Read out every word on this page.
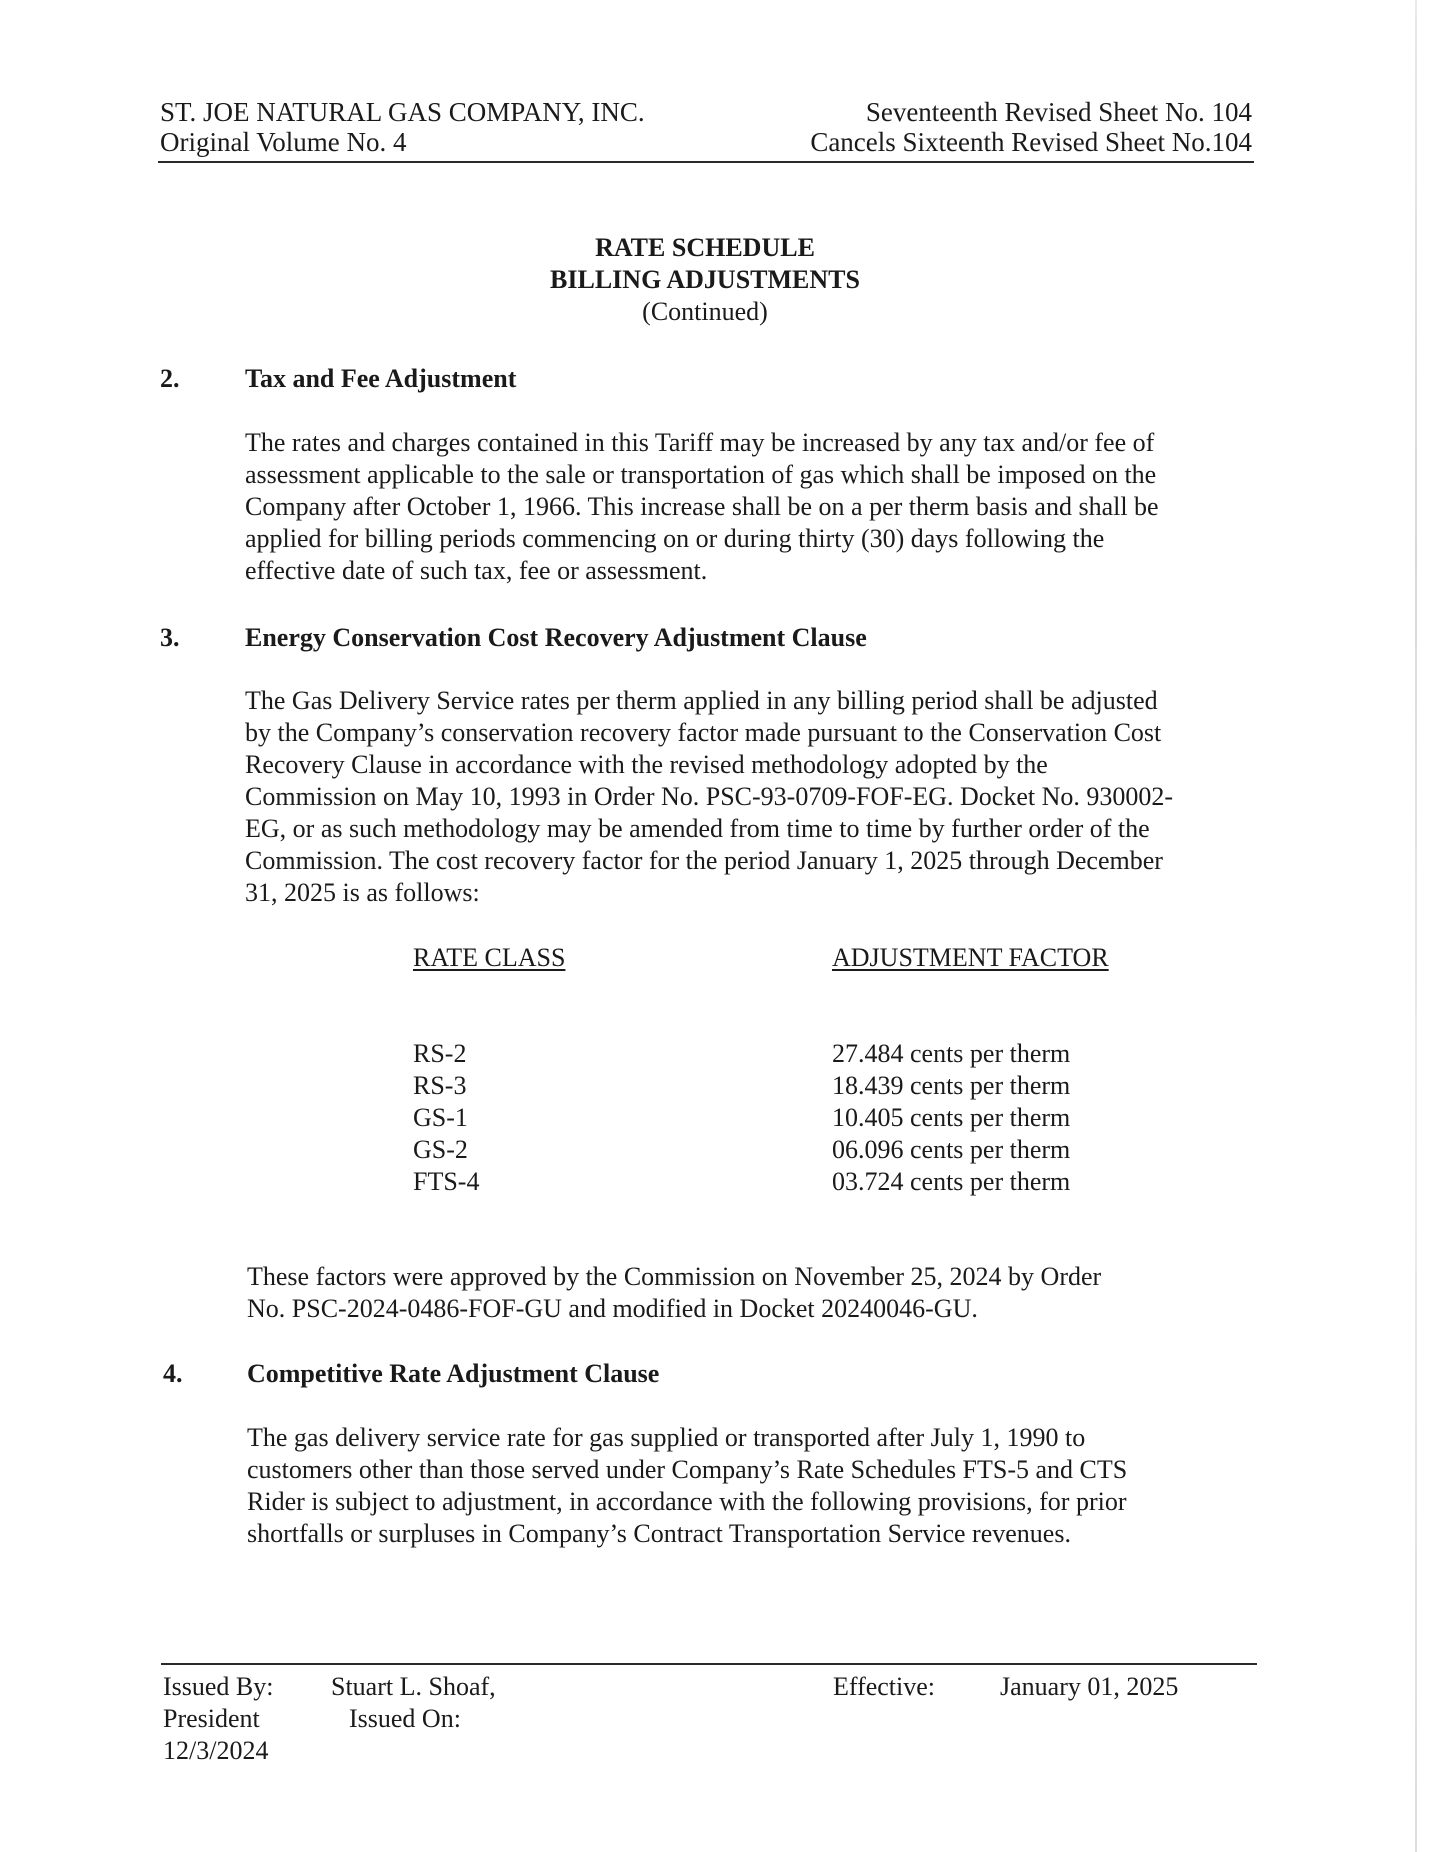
ST. JOE NATURAL GAS COMPANY, INC.
Original Volume No. 4
Seventeenth Revised Sheet No. 104
Cancels Sixteenth Revised Sheet No.104
RATE SCHEDULE
BILLING ADJUSTMENTS
(Continued)
2.	Tax and Fee Adjustment
The rates and charges contained in this Tariff may be increased by any tax and/or fee of
assessment applicable to the sale or transportation of gas which shall be imposed on the
Company after October 1, 1966. This increase shall be on a per therm basis and shall be
applied for billing periods commencing on or during thirty (30) days following the
effective date of such tax, fee or assessment.
3.	Energy Conservation Cost Recovery Adjustment Clause
The Gas Delivery Service rates per therm applied in any billing period shall be adjusted
by the Company’s conservation recovery factor made pursuant to the Conservation Cost
Recovery Clause in accordance with the revised methodology adopted by the
Commission on May 10, 1993 in Order No. PSC-93-0709-FOF-EG. Docket No. 930002-
EG, or as such methodology may be amended from time to time by further order of the
Commission. The cost recovery factor for the period January 1, 2025 through December
31, 2025 is as follows:
RATE CLASS	ADJUSTMENT FACTOR
RS-2	27.484 cents per therm
RS-3	18.439 cents per therm
GS-1	10.405 cents per therm
GS-2	06.096 cents per therm
FTS-4	03.724 cents per therm
These factors were approved by the Commission on November 25, 2024 by Order
No. PSC-2024-0486-FOF-GU and modified in Docket 20240046-GU.
4. Competitive Rate Adjustment Clause
The gas delivery service rate for gas supplied or transported after July 1, 1990 to
customers other than those served under Company’s Rate Schedules FTS-5 and CTS
Rider is subject to adjustment, in accordance with the following provisions, for prior
shortfalls or surpluses in Company’s Contract Transportation Service revenues.
Issued By: Stuart L. Shoaf,
President	Issued On:
12/3/2024
Effective: January 01, 2025
